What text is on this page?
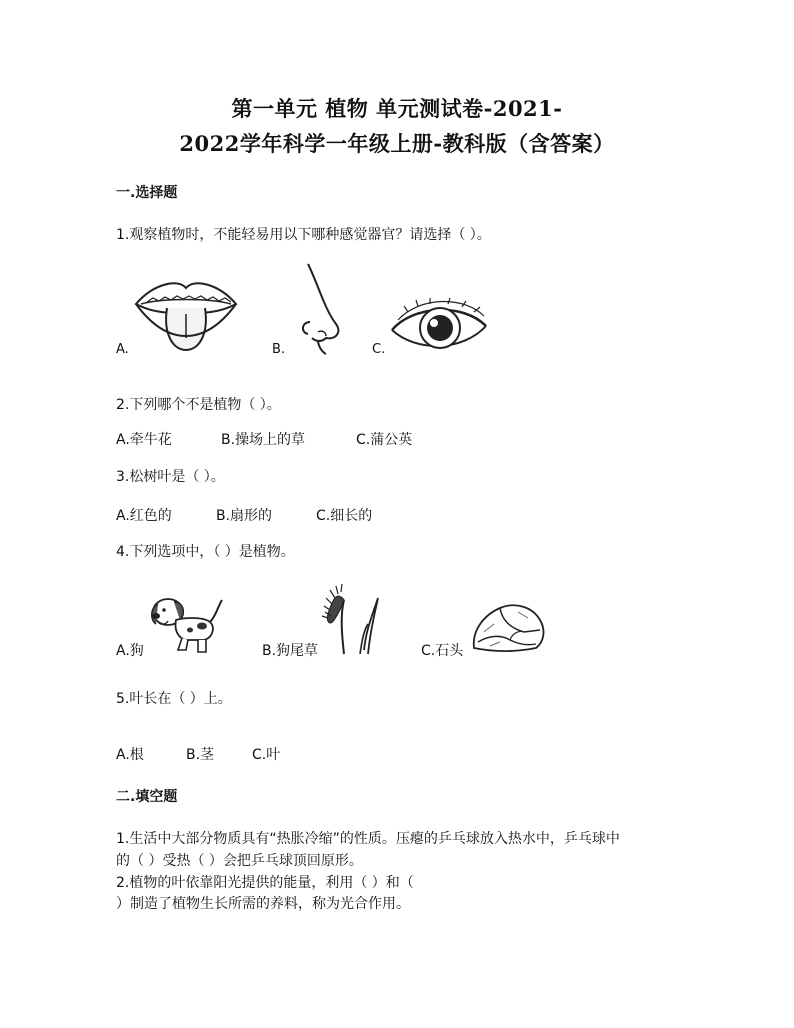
第一单元 植物 单元测试卷-2021-
2022学年科学一年级上册-教科版（含答案）
一.选择题
1.观察植物时，不能轻易用以下哪种感觉器官？请选择（ ）。
A.	B.	C.
2.下列哪个不是植物（ ）。
A.牵牛花	B.操场上的草	C.蒲公英
3.松树叶是（ ）。
A.红色的	B.扇形的	C.细长的
4.下列选项中，（ ）是植物。
A.狗	B.狗尾草	C.石头
5.叶长在（ ）上。
A.根	B.茎	C.叶
二.填空题
1.生活中大部分物质具有“热胀冷缩”的性质。压瘪的乒乓球放入热水中，乒乓球中
的（ ）受热（ ）会把乒乓球顶回原形。
2.植物的叶依靠阳光提供的能量，利用（ ）和（
）制造了植物生长所需的养料，称为光合作用。
